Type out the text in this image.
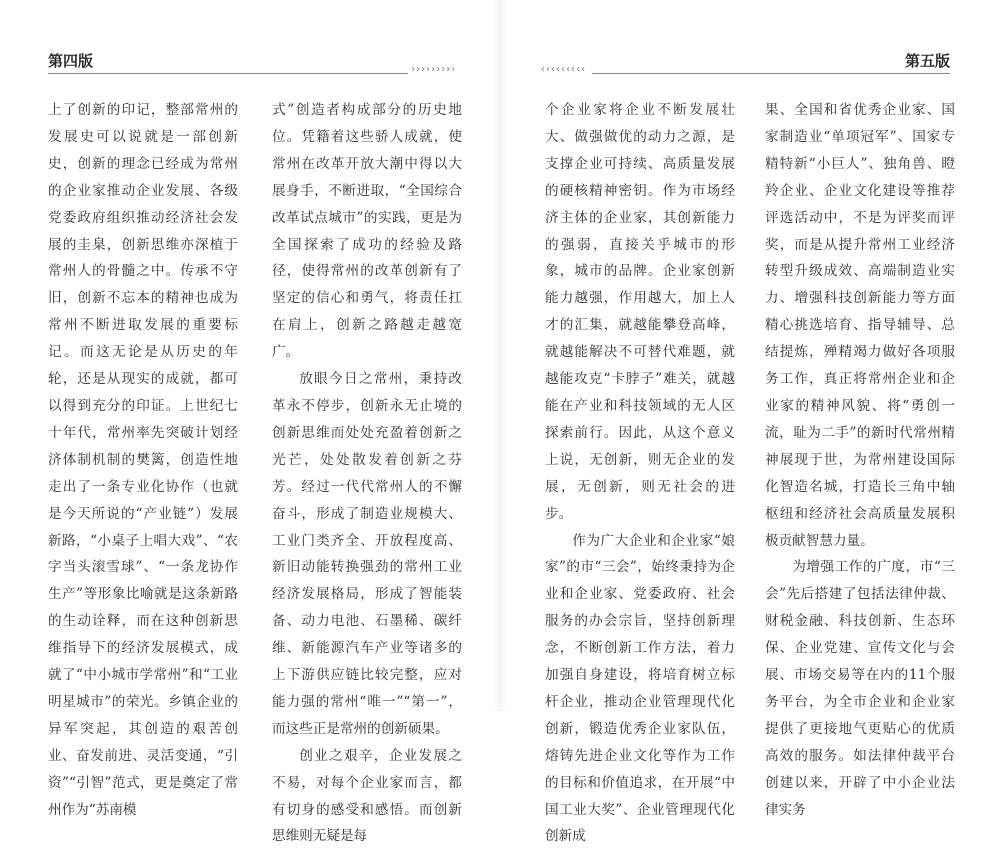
第四版	›››››››››

上了创新的印记，整部常州的发展史可以说就是一部创新史，创新的理念已经成为常州的企业家推动企业发展、各级党委政府组织推动经济社会发展的圭臬，创新思维亦深植于常州人的骨髓之中。传承不守旧，创新不忘本的精神也成为常州不断进取发展的重要标记。而这无论是从历史的年轮，还是从现实的成就，都可以得到充分的印证。上世纪七十年代，常州率先突破计划经济体制机制的樊篱，创造性地走出了一条专业化协作（也就是今天所说的“产业链”）发展新路，“小桌子上唱大戏”、“农字当头滚雪球”、“一条龙协作生产”等形象比喻就是这条新路的生动诠释，而在这种创新思维指导下的经济发展模式，成就了“中小城市学常州”和“工业明星城市”的荣光。乡镇企业的异军突起，其创造的艰苦创业、奋发前进、灵活变通，“引资”“引智”范式，更是奠定了常州作为“苏南模

式”创造者构成部分的历史地位。凭籍着这些骄人成就，使常州在改革开放大潮中得以大展身手，不断进取，“全国综合改革试点城市”的实践，更是为全国探索了成功的经验及路径，使得常州的改革创新有了坚定的信心和勇气，将责任扛在肩上，创新之路越走越宽广。

放眼今日之常州，秉持改革永不停步，创新永无止境的创新思维而处处充盈着创新之光芒，处处散发着创新之芬芳。经过一代代常州人的不懈奋斗，形成了制造业规模大、工业门类齐全、开放程度高、新旧动能转换强劲的常州工业经济发展格局，形成了智能装备、动力电池、石墨稀、碳纤维、新能源汽车产业等诸多的上下游供应链比较完整，应对能力强的常州“唯一”“第一”，而这些正是常州的创新硕果。

创业之艰辛，企业发展之不易，对每个企业家而言，都有切身的感受和感悟。而创新思维则无疑是每

第五版
‹‹‹‹‹‹‹‹‹

个企业家将企业不断发展壮大、做强做优的动力之源，是支撑企业可持续、高质量发展的硬核精神密钥。作为市场经济主体的企业家，其创新能力的强弱，直接关乎城市的形象，城市的品牌。企业家创新能力越强，作用越大，加上人才的汇集，就越能攀登高峰，就越能解决不可替代难题，就越能攻克“卡脖子”难关，就越能在产业和科技领域的无人区探索前行。因此，从这个意义上说，无创新，则无企业的发展，无创新，则无社会的进步。

作为广大企业和企业家“娘家”的市“三会”，始终秉持为企业和企业家、党委政府、社会服务的办会宗旨，坚持创新理念，不断创新工作方法，着力加强自身建设，将培育树立标杆企业，推动企业管理现代化创新，锻造优秀企业家队伍，熔铸先进企业文化等作为工作的目标和价值追求，在开展“中国工业大奖”、企业管理现代化创新成

果、全国和省优秀企业家、国家制造业“单项冠军”、国家专精特新“小巨人”、独角兽、瞪羚企业、企业文化建设等推荐评选活动中，不是为评奖而评奖，而是从提升常州工业经济转型升级成效、高端制造业实力、增强科技创新能力等方面精心挑选培育、指导辅导、总结提炼，殚精竭力做好各项服务工作，真正将常州企业和企业家的精神风貌、将“勇创一流，耻为二手”的新时代常州精神展现于世，为常州建设国际化智造名城，打造长三角中轴枢纽和经济社会高质量发展积极贡献智慧力量。

为增强工作的广度，市“三会”先后搭建了包括法律仲裁、财税金融、科技创新、生态环保、企业党建、宣传文化与会展、市场交易等在内的11个服务平台，为全市企业和企业家提供了更接地气更贴心的优质高效的服务。如法律仲裁平台创建以来，开辟了中小企业法律实务
